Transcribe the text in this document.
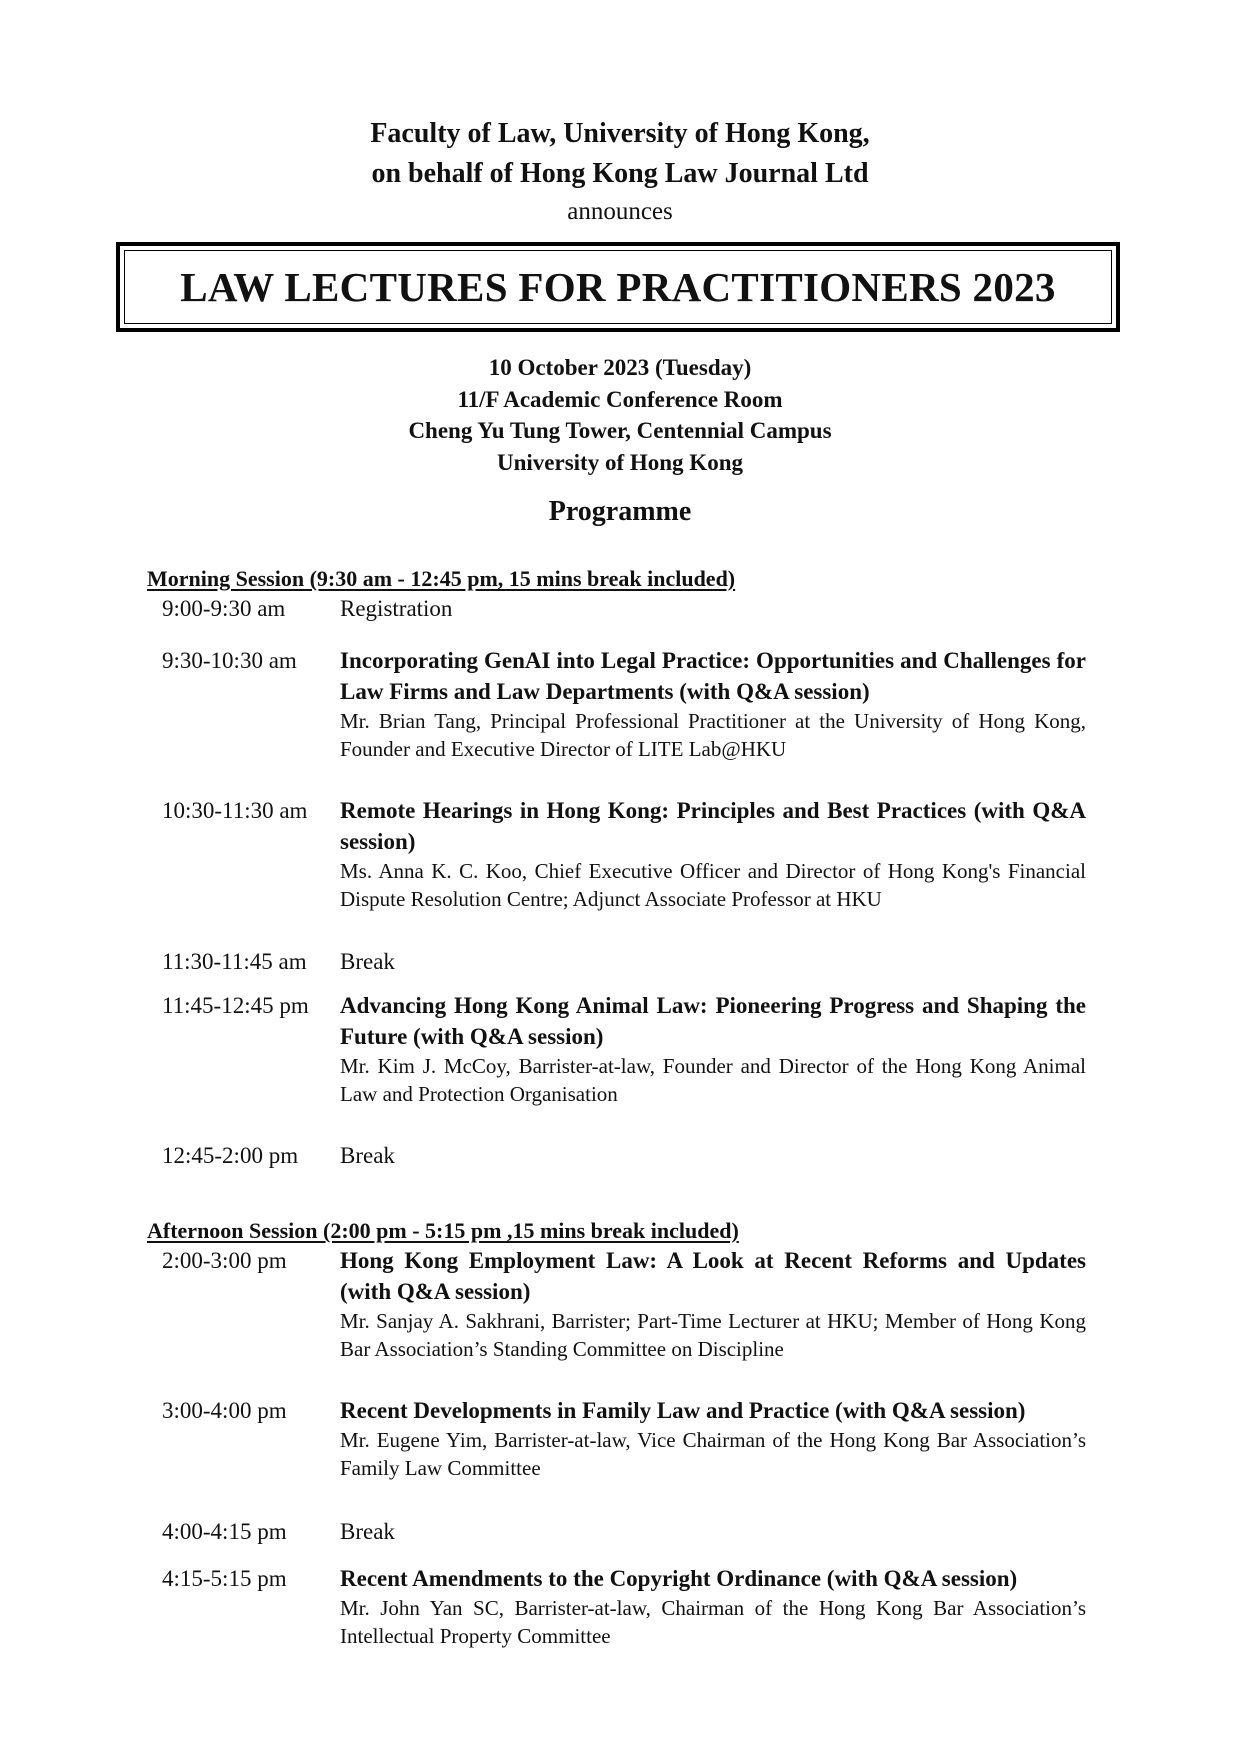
Faculty of Law, University of Hong Kong,
on behalf of Hong Kong Law Journal Ltd
announces
LAW LECTURES FOR PRACTITIONERS 2023
10 October 2023 (Tuesday)
11/F Academic Conference Room
Cheng Yu Tung Tower, Centennial Campus
University of Hong Kong
Programme
Morning Session (9:30 am - 12:45 pm, 15 mins break included)
9:00-9:30 am Registration
9:30-10:30 am Incorporating GenAI into Legal Practice: Opportunities and Challenges for Law Firms and Law Departments (with Q&A session)
Mr. Brian Tang, Principal Professional Practitioner at the University of Hong Kong, Founder and Executive Director of LITE Lab@HKU
10:30-11:30 am Remote Hearings in Hong Kong: Principles and Best Practices (with Q&A session)
Ms. Anna K. C. Koo, Chief Executive Officer and Director of Hong Kong's Financial Dispute Resolution Centre; Adjunct Associate Professor at HKU
11:30-11:45 am Break
11:45-12:45 pm Advancing Hong Kong Animal Law: Pioneering Progress and Shaping the Future (with Q&A session)
Mr. Kim J. McCoy, Barrister-at-law, Founder and Director of the Hong Kong Animal Law and Protection Organisation
12:45-2:00 pm Break
Afternoon Session (2:00 pm - 5:15 pm ,15 mins break included)
2:00-3:00 pm Hong Kong Employment Law: A Look at Recent Reforms and Updates (with Q&A session)
Mr. Sanjay A. Sakhrani, Barrister; Part-Time Lecturer at HKU; Member of Hong Kong Bar Association’s Standing Committee on Discipline
3:00-4:00 pm Recent Developments in Family Law and Practice (with Q&A session)
Mr. Eugene Yim, Barrister-at-law, Vice Chairman of the Hong Kong Bar Association’s Family Law Committee
4:00-4:15 pm Break
4:15-5:15 pm Recent Amendments to the Copyright Ordinance (with Q&A session)
Mr. John Yan SC, Barrister-at-law, Chairman of the Hong Kong Bar Association’s Intellectual Property Committee
